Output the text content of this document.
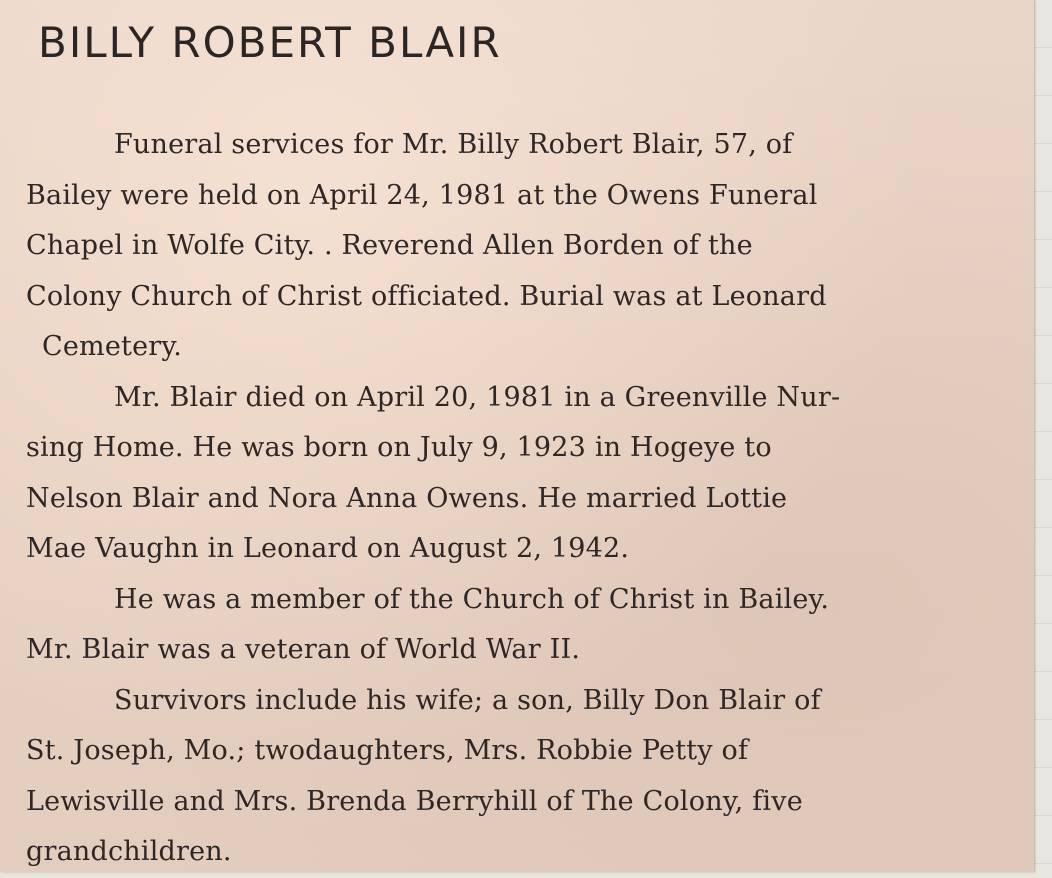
BILLY ROBERT BLAIR
Funeral services for Mr. Billy Robert Blair, 57, of
Bailey were held on April 24, 1981 at the Owens Funeral
Chapel in Wolfe City. . Reverend Allen Borden of the
Colony Church of Christ officiated. Burial was at Leonard
Cemetery.
Mr. Blair died on April 20, 1981 in a Greenville Nur-
sing Home. He was born on July 9, 1923 in Hogeye to
Nelson Blair and Nora Anna Owens. He married Lottie
Mae Vaughn in Leonard on August 2, 1942.
He was a member of the Church of Christ in Bailey.
Mr. Blair was a veteran of World War II.
Survivors include his wife; a son, Billy Don Blair of
St. Joseph, Mo.; twodaughters, Mrs. Robbie Petty of
Lewisville and Mrs. Brenda Berryhill of The Colony, five
grandchildren.
